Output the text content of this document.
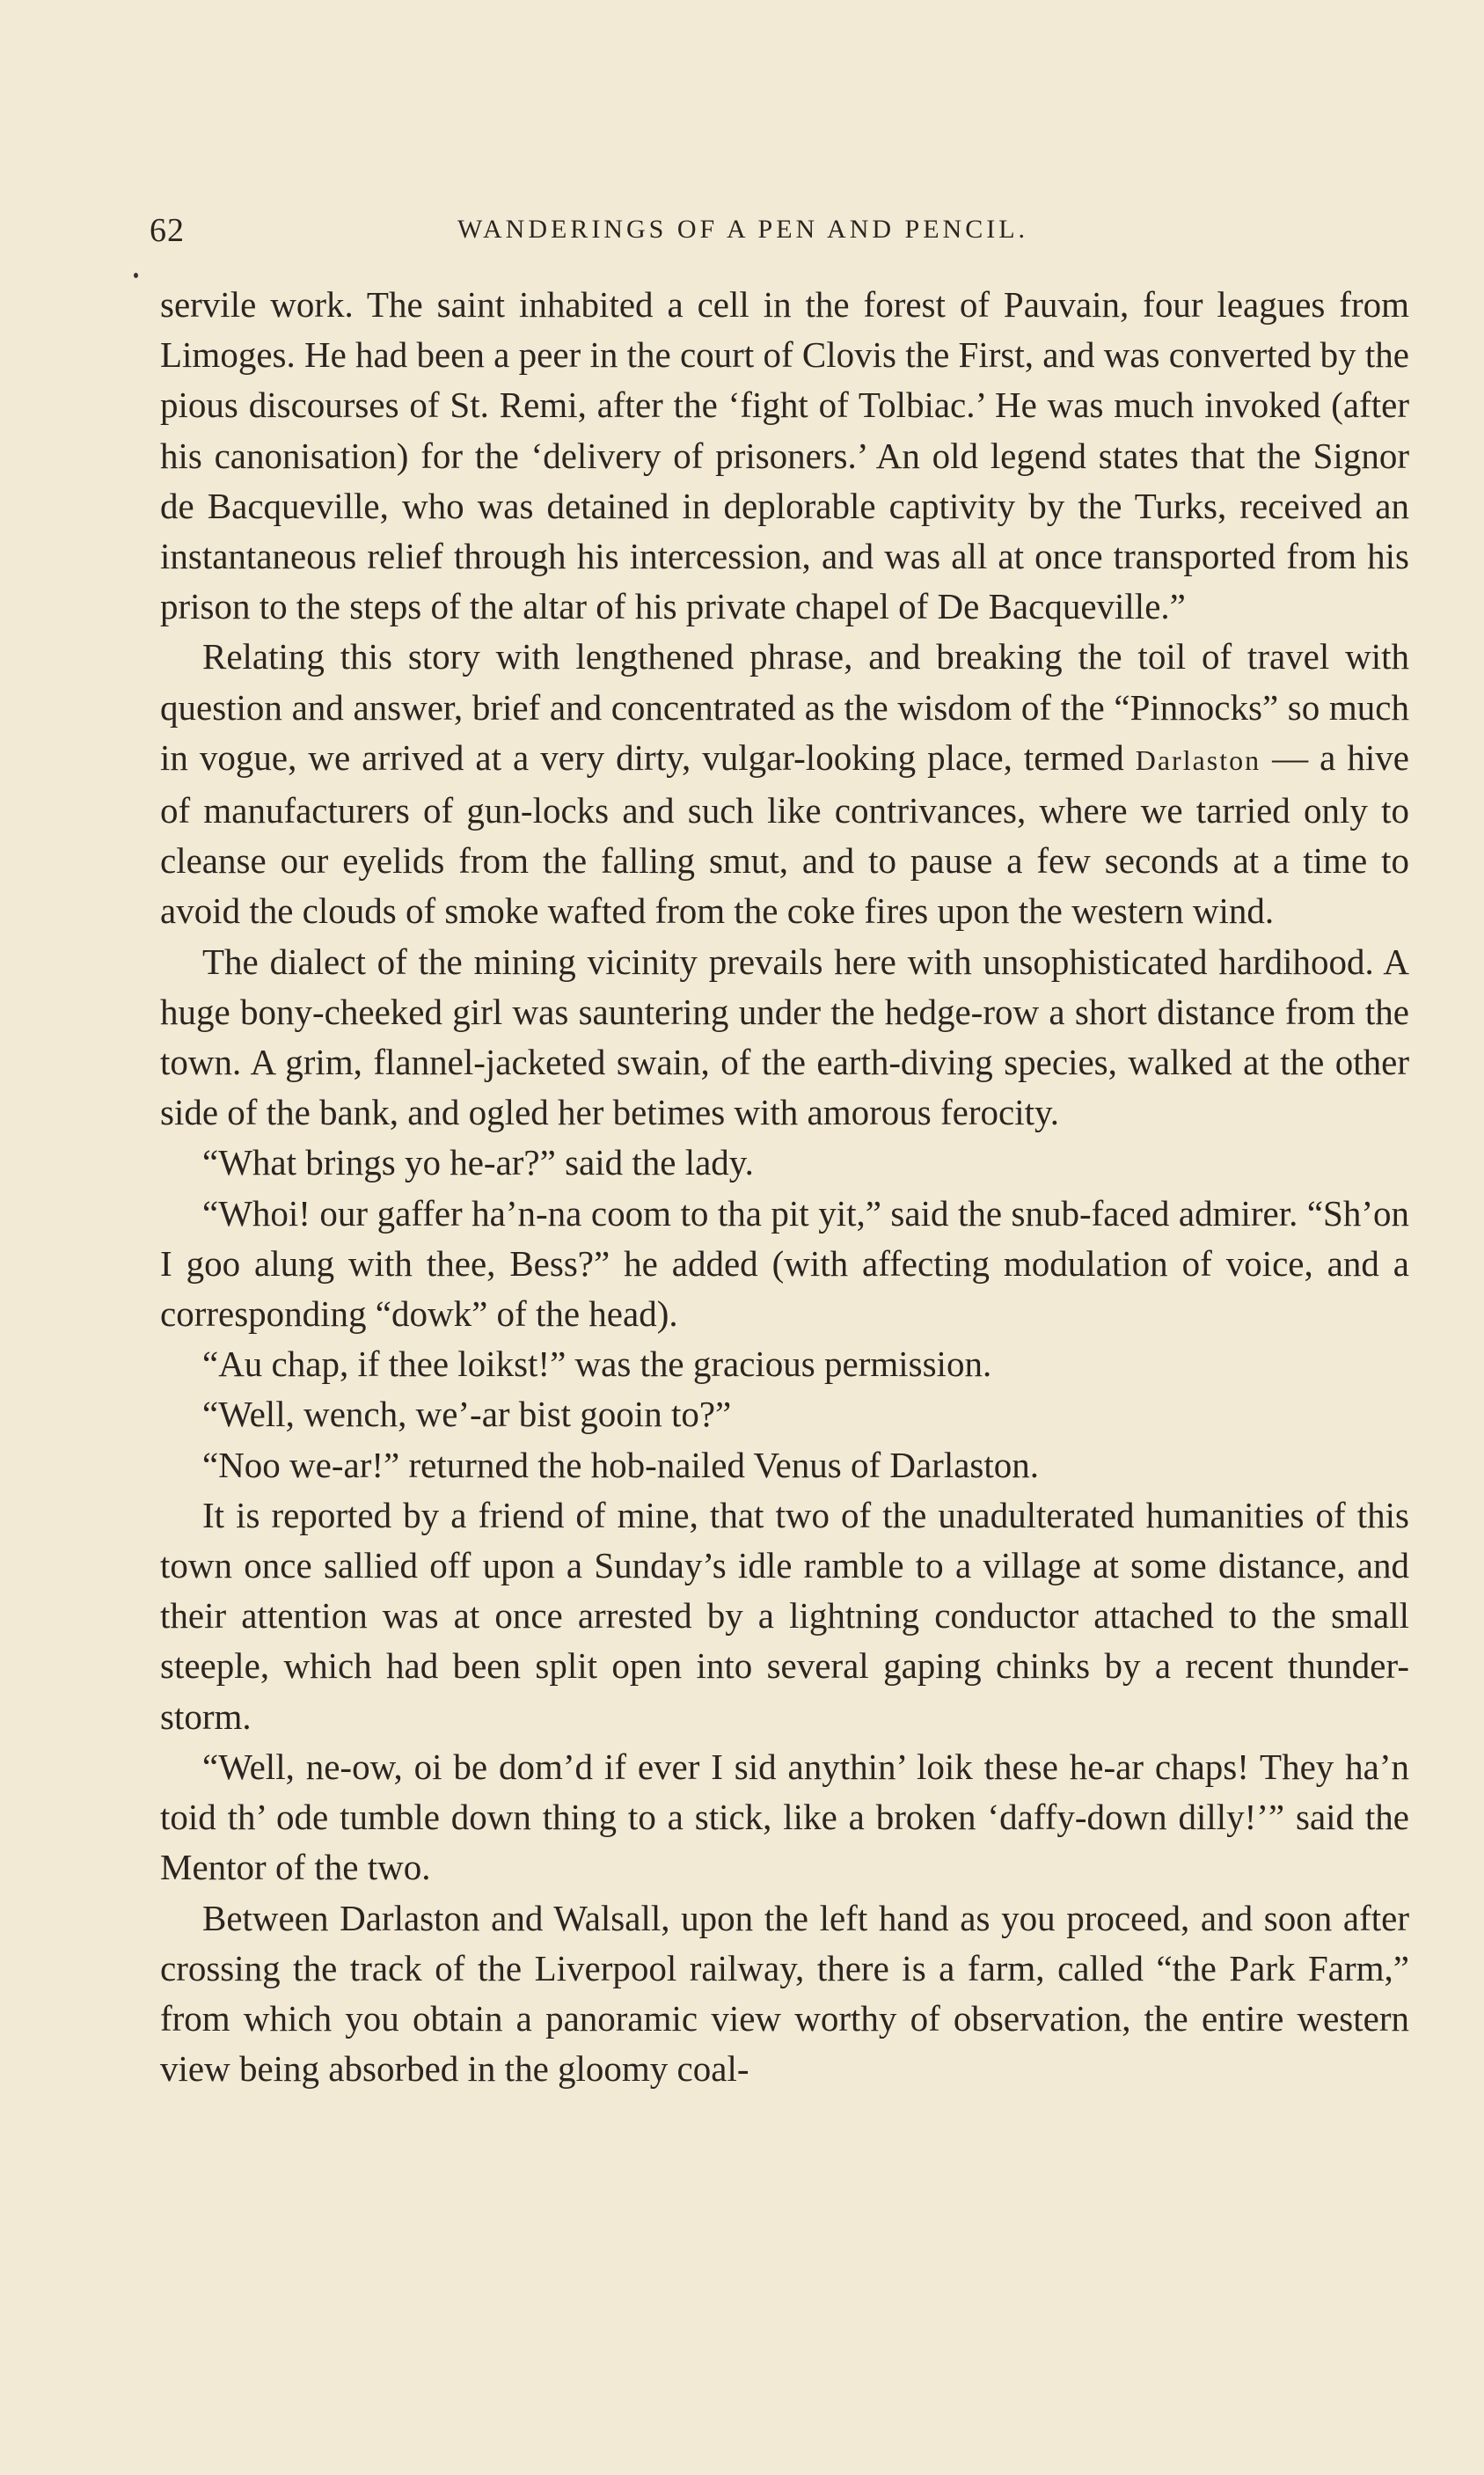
62	WANDERINGS OF A PEN AND PENCIL.

servile work. The saint inhabited a cell in the forest of Pauvain, four leagues from Limoges. He had been a peer in the court of Clovis the First, and was converted by the pious discourses of St. Remi, after the ‘fight of Tolbiac.’ He was much invoked (after his canonisation) for the ‘delivery of prisoners.’ An old legend states that the Signor de Bacqueville, who was detained in deplorable captivity by the Turks, received an instantaneous relief through his intercession, and was all at once transported from his prison to the steps of the altar of his private chapel of De Bacqueville.”

Relating this story with lengthened phrase, and breaking the toil of travel with question and answer, brief and concentrated as the wisdom of the “Pinnocks” so much in vogue, we arrived at a very dirty, vulgar-looking place, termed Darlaston — a hive of manufacturers of gun-locks and such like contrivances, where we tarried only to cleanse our eyelids from the falling smut, and to pause a few seconds at a time to avoid the clouds of smoke wafted from the coke fires upon the western wind.

The dialect of the mining vicinity prevails here with unsophisticated hardihood. A huge bony-cheeked girl was sauntering under the hedge-row a short distance from the town. A grim, flannel-jacketed swain, of the earth-diving species, walked at the other side of the bank, and ogled her betimes with amorous ferocity.

“What brings yo he-ar?” said the lady.

“Whoi! our gaffer ha’n-na coom to tha pit yit,” said the snub-faced admirer. “Sh’on I goo alung with thee, Bess?” he added (with affecting modulation of voice, and a corresponding “dowk” of the head).

“Au chap, if thee loikst!” was the gracious permission.

“Well, wench, we’-ar bist gooin to?”

“Noo we-ar!” returned the hob-nailed Venus of Darlaston.

It is reported by a friend of mine, that two of the unadulterated humanities of this town once sallied off upon a Sunday’s idle ramble to a village at some distance, and their attention was at once arrested by a lightning conductor attached to the small steeple, which had been split open into several gaping chinks by a recent thunder-storm.

“Well, ne-ow, oi be dom’d if ever I sid anythin’ loik these he-ar chaps! They ha’n toid th’ ode tumble down thing to a stick, like a broken ‘daffy-down dilly!’” said the Mentor of the two.

Between Darlaston and Walsall, upon the left hand as you proceed, and soon after crossing the track of the Liverpool railway, there is a farm, called “the Park Farm,” from which you obtain a panoramic view worthy of observation, the entire western view being absorbed in the gloomy coal-
